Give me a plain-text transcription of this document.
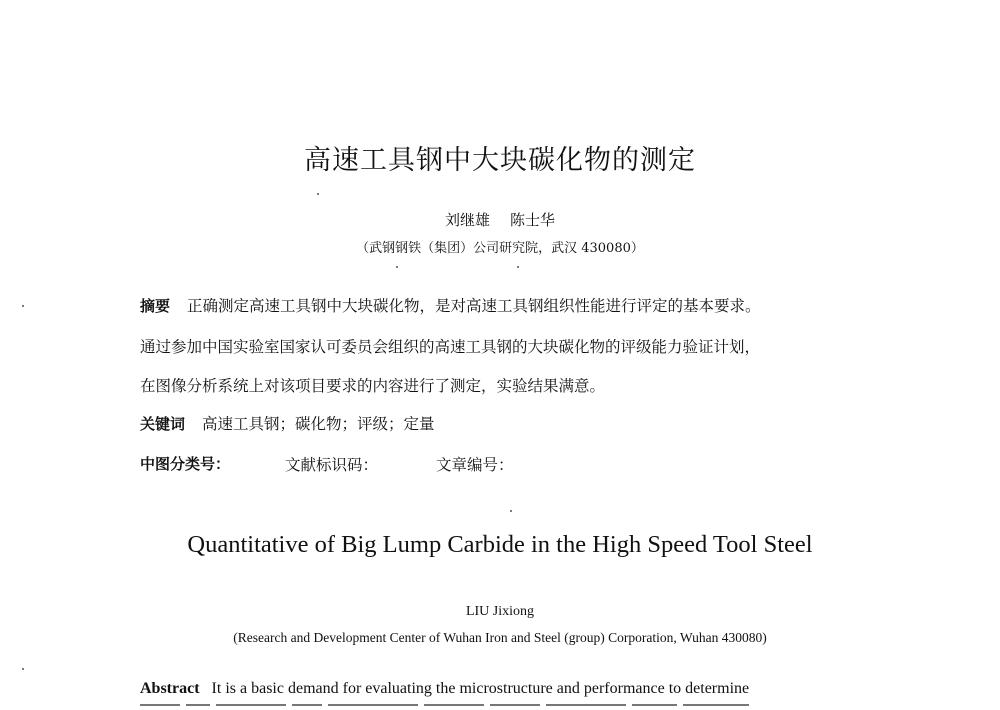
高速工具钢中大块碳化物的测定
刘继雄 陈士华
（武钢钢铁（集团）公司研究院，武汉 430080）
摘要 正确测定高速工具钢中大块碳化物，是对高速工具钢组织性能进行评定的基本要求。
通过参加中国实验室国家认可委员会组织的高速工具钢的大块碳化物的评级能力验证计划，
在图像分析系统上对该项目要求的内容进行了测定，实验结果满意。
关键词 高速工具钢；碳化物；评级；定量
中图分类号：	文献标识码：	文章编号：
Quantitative of Big Lump Carbide in the High Speed Tool Steel
LIU Jixiong
(Research and Development Center of Wuhan Iron and Steel (group) Corporation, Wuhan 430080)
Abstract It is a basic demand for evaluating the microstructure and performance to determine
